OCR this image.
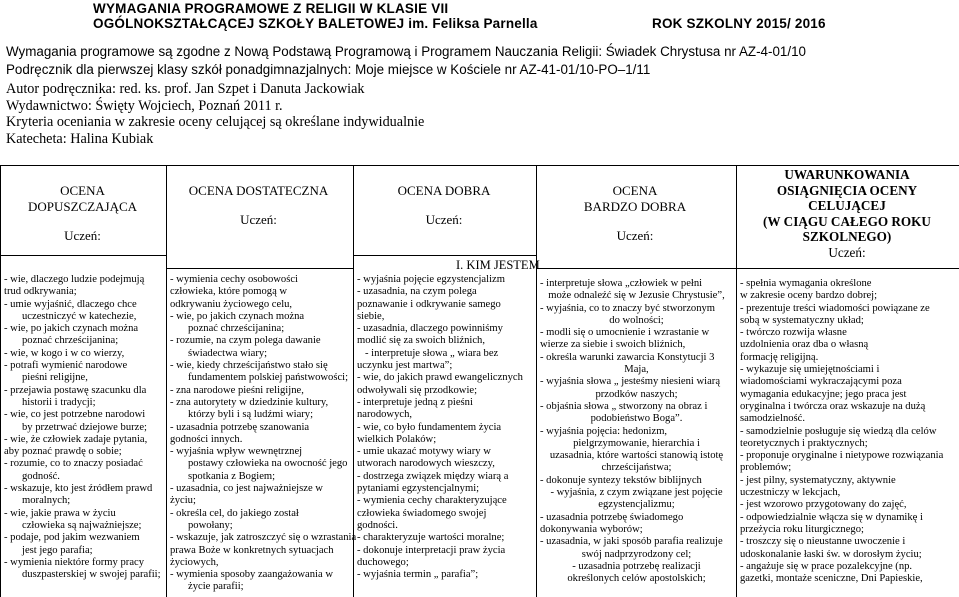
WYMAGANIA PROGRAMOWE Z RELIGII W KLASIE VII
OGÓLNOKSZTAŁCĄCEJ SZKOŁY BALETOWEJ im. Feliksa Parnella	ROK SZKOLNY 2015/ 2016
Wymagania programowe są zgodne z Nową Podstawą Programową i Programem Nauczania Religii: Świadek Chrystusa nr AZ-4-01/10
Podręcznik dla pierwszej klasy szkół ponadgimnazjalnych: Moje miejsce w Kościele nr AZ-41-01/10-PO–1/11
Autor podręcznika: red. ks. prof. Jan Szpet i Danuta Jackowiak
Wydawnictwo: Święty Wojciech, Poznań 2011 r.
Kryteria oceniania w zakresie oceny celującej są określane indywidualnie
Katecheta: Halina Kubiak
OCENA
DOPUSZCZAJĄCA
Uczeń:
OCENA DOSTATECZNA
Uczeń:
OCENA DOBRA
Uczeń:
OCENA
BARDZO DOBRA
Uczeń:
UWARUNKOWANIA
OSIĄGNIĘCIA OCENY
CELUJĄCEJ
(W CIĄGU CAŁEGO ROKU
SZKOLNEGO)
Uczeń:
I. KIM JESTEM
- wie, dlaczego ludzie podejmują
trud odkrywania;
- umie wyjaśnić, dlaczego chce
uczestniczyć w katechezie,
- wie, po jakich czynach można
poznać chrześcijanina;
- wie, w kogo i w co wierzy,
- potrafi wymienić narodowe
pieśni religijne,
- przejawia postawę szacunku dla
historii i tradycji;
- wie, co jest potrzebne narodowi
by przetrwać dziejowe burze;
- wie, że człowiek zadaje pytania,
aby poznać prawdę o sobie;
- rozumie, co to znaczy posiadać
godność.
- wskazuje, kto jest źródłem prawd
moralnych;
- wie, jakie prawa w życiu
człowieka są najważniejsze;
- podaje, pod jakim wezwaniem
jest jego parafia;
- wymienia niektóre formy pracy
duszpasterskiej w swojej parafii;
- wymienia cechy osobowości
człowieka, które pomogą w
odkrywaniu życiowego celu,
- wie, po jakich czynach można
poznać chrześcijanina;
- rozumie, na czym polega dawanie
świadectwa wiary;
- wie, kiedy chrześcijaństwo stało się
fundamentem polskiej państwowości;
- zna narodowe pieśni religijne,
- zna autorytety w dziedzinie kultury,
którzy byli i są ludźmi wiary;
- uzasadnia potrzebę szanowania
godności innych.
- wyjaśnia wpływ wewnętrznej
postawy człowieka na owocność jego
spotkania z Bogiem;
- uzasadnia, co jest najważniejsze w
życiu;
- określa cel, do jakiego został
powołany;
- wskazuje, jak zatroszczyć się o wzrastania
prawa Boże w konkretnych sytuacjach
życiowych,
- wymienia sposoby zaangażowania w
życie parafii;
- wyjaśnia pojęcie egzystencjalizm
- uzasadnia, na czym polega
poznawanie i odkrywanie samego
siebie,
- uzasadnia, dlaczego powinniśmy
modlić się za swoich bliźnich,
- interpretuje słowa „ wiara bez
uczynku jest martwa”;
- wie, do jakich prawd ewangelicznych
odwoływali się przodkowie;
- interpretuje jedną z pieśni
narodowych,
- wie, co było fundamentem życia
wielkich Polaków;
- umie ukazać motywy wiary w
utworach narodowych wieszczy,
- dostrzega związek między wiarą a
pytaniami egzystencjalnymi;
- wymienia cechy charakteryzujące
człowieka świadomego swojej
godności.
- charakteryzuje wartości moralne;
- dokonuje interpretacji praw życia
duchowego;
- wyjaśnia termin „ parafia”;
- interpretuje słowa „człowiek w pełni
może odnaleźć się w Jezusie Chrystusie”,
- wyjaśnia, co to znaczy być stworzonym
do wolności;
- modli się o umocnienie i wzrastanie w
wierze za siebie i swoich bliźnich,
- określa warunki zawarcia Konstytucji 3
Maja,
- wyjaśnia słowa „ jesteśmy niesieni wiarą
przodków naszych;
- objaśnia słowa „ stworzony na obraz i
podobieństwo Boga”.
- wyjaśnia pojęcia: hedonizm,
pielgrzymowanie, hierarchia i
uzasadnia, które wartości stanowią istotę
chrześcijaństwa;
- dokonuje syntezy tekstów biblijnych
- wyjaśnia, z czym związane jest pojęcie
egzystencjalizmu;
- uzasadnia potrzebę świadomego
dokonywania wyborów;
- uzasadnia, w jaki sposób parafia realizuje
swój nadprzyrodzony cel;
- uzasadnia potrzebę realizacji
określonych celów apostolskich;
- spełnia wymagania określone
w zakresie oceny bardzo dobrej;
- prezentuje treści wiadomości powiązane ze
sobą w systematyczny układ;
- twórczo rozwija własne
uzdolnienia oraz dba o własną
formację religijną.
- wykazuje się umiejętnościami i
wiadomościami wykraczającymi poza
wymagania edukacyjne; jego praca jest
oryginalna i twórcza oraz wskazuje na dużą
samodzielność.
- samodzielnie posługuje się wiedzą dla celów
teoretycznych i praktycznych;
- proponuje oryginalne i nietypowe rozwiązania
problemów;
- jest pilny, systematyczny, aktywnie
uczestniczy w lekcjach,
- jest wzorowo przygotowany do zajęć,
- odpowiedzialnie włącza się w dynamikę i
przeżycia roku liturgicznego;
- troszczy się o nieustanne uwoczenie i
udoskonalanie łaski św. w dorosłym życiu;
- angażuje się w prace pozalekcyjne (np.
gazetki, montaże sceniczne, Dni Papieskie,
